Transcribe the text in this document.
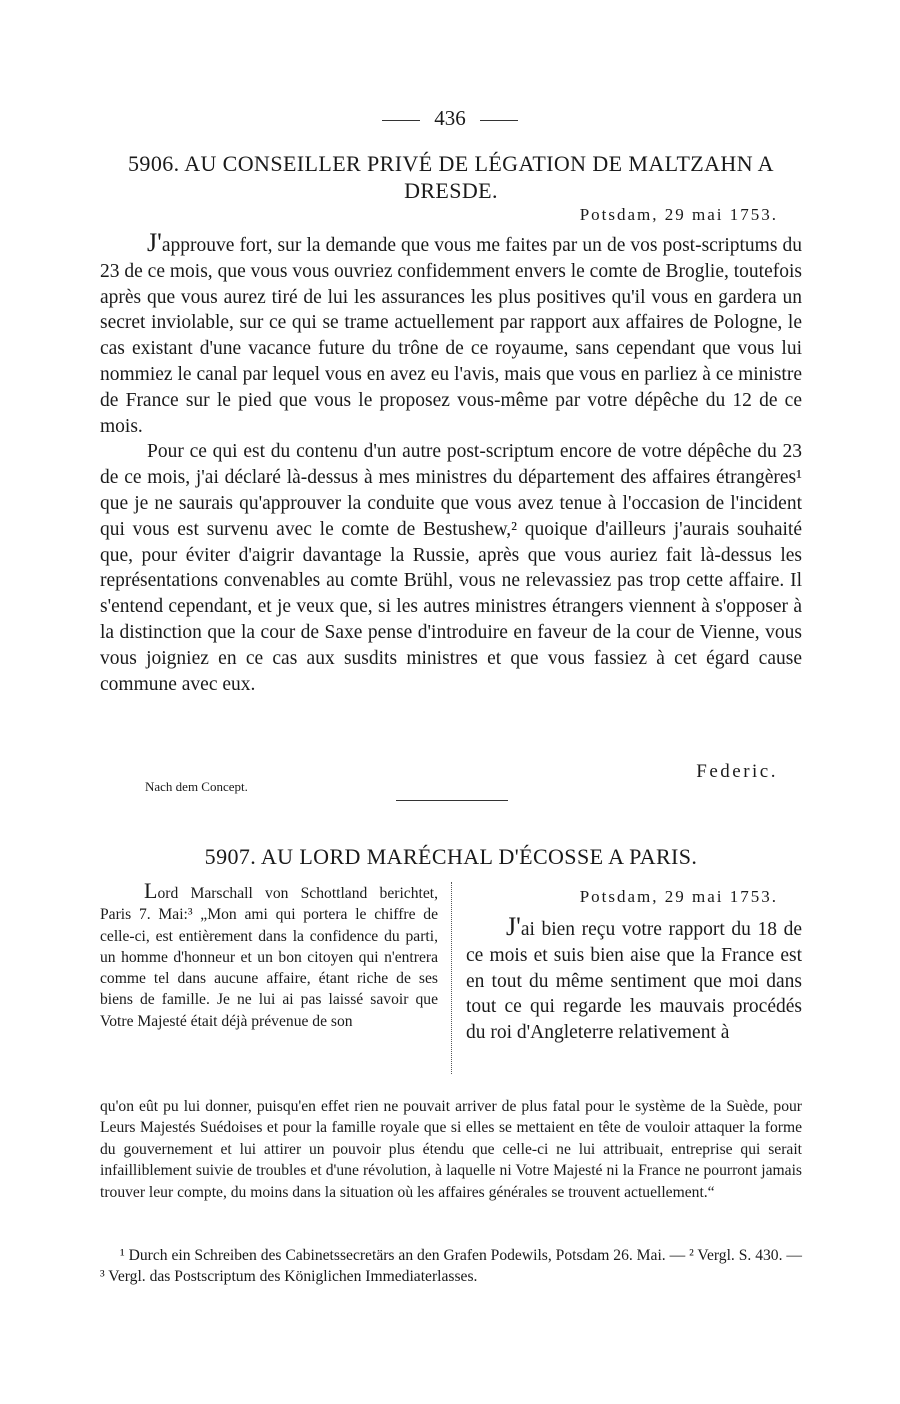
436
5906. AU CONSEILLER PRIVÉ DE LÉGATION DE MALTZAHN A DRESDE.
Potsdam, 29 mai 1753.

J'approuve fort, sur la demande que vous me faites par un de vos post-scriptums du 23 de ce mois, que vous vous ouvriez confidemment envers le comte de Broglie, toutefois après que vous aurez tiré de lui les assurances les plus positives qu'il vous en gardera un secret inviolable, sur ce qui se trame actuellement par rapport aux affaires de Pologne, le cas existant d'une vacance future du trône de ce royaume, sans cependant que vous lui nommiez le canal par lequel vous en avez eu l'avis, mais que vous en parliez à ce ministre de France sur le pied que vous le proposez vous-même par votre dépêche du 12 de ce mois.

Pour ce qui est du contenu d'un autre post-scriptum encore de votre dépêche du 23 de ce mois, j'ai déclaré là-dessus à mes ministres du département des affaires étrangères¹ que je ne saurais qu'approuver la conduite que vous avez tenue à l'occasion de l'incident qui vous est survenu avec le comte de Bestushew,² quoique d'ailleurs j'aurais souhaité que, pour éviter d'aigrir davantage la Russie, après que vous auriez fait là-dessus les représentations convenables au comte Brühl, vous ne relevassiez pas trop cette affaire. Il s'entend cependant, et je veux que, si les autres ministres étrangers viennent à s'opposer à la distinction que la cour de Saxe pense d'introduire en faveur de la cour de Vienne, vous vous joigniez en ce cas aux susdits ministres et que vous fassiez à cet égard cause commune avec eux.

Federic.
Nach dem Concept.
5907. AU LORD MARÉCHAL D'ÉCOSSE A PARIS.

Lord Marschall von Schottland berichtet, Paris 7. Mai:³ „Mon ami qui portera le chiffre de celle-ci, est entièrement dans la confidence du parti, un homme d'honneur et un bon citoyen qui n'entrera comme tel dans aucune affaire, étant riche de ses biens de famille. Je ne lui ai pas laissé savoir que Votre Majesté était déjà prévenue de son

Potsdam, 29 mai 1753.

J'ai bien reçu votre rapport du 18 de ce mois et suis bien aise que la France est en tout du même sentiment que moi dans tout ce qui regarde les mauvais procédés du roi d'Angleterre relativement à

qu'on eût pu lui donner, puisqu'en effet rien ne pouvait arriver de plus fatal pour le système de la Suède, pour Leurs Majestés Suédoises et pour la famille royale que si elles se mettaient en tête de vouloir attaquer la forme du gouvernement et lui attirer un pouvoir plus étendu que celle-ci ne lui attribuait, entreprise qui serait infailliblement suivie de troubles et d'une révolution, à laquelle ni Votre Majesté ni la France ne pourront jamais trouver leur compte, du moins dans la situation où les affaires générales se trouvent actuellement.“

¹ Durch ein Schreiben des Cabinetssecretärs an den Grafen Podewils, Potsdam 26. Mai. — ² Vergl. S. 430. — ³ Vergl. das Postscriptum des Königlichen Immediaterlasses.
